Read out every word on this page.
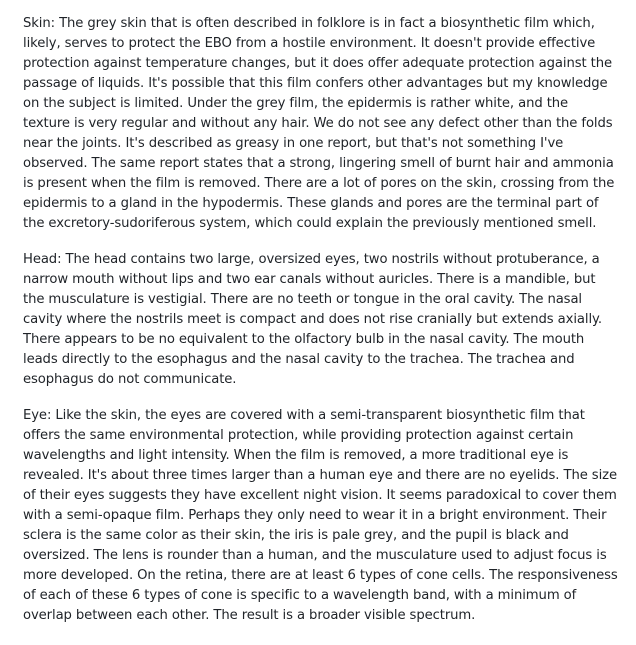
Skin: The grey skin that is often described in folklore is in fact a biosynthetic film which, likely, serves to protect the EBO from a hostile environment. It doesn't provide effective protection against temperature changes, but it does offer adequate protection against the passage of liquids. It's possible that this film confers other advantages but my knowledge on the subject is limited. Under the grey film, the epidermis is rather white, and the texture is very regular and without any hair. We do not see any defect other than the folds near the joints. It's described as greasy in one report, but that's not something I've observed. The same report states that a strong, lingering smell of burnt hair and ammonia is present when the film is removed. There are a lot of pores on the skin, crossing from the epidermis to a gland in the hypodermis. These glands and pores are the terminal part of the excretory-sudoriferous system, which could explain the previously mentioned smell.

Head: The head contains two large, oversized eyes, two nostrils without protuberance, a narrow mouth without lips and two ear canals without auricles. There is a mandible, but the musculature is vestigial. There are no teeth or tongue in the oral cavity. The nasal cavity where the nostrils meet is compact and does not rise cranially but extends axially. There appears to be no equivalent to the olfactory bulb in the nasal cavity. The mouth leads directly to the esophagus and the nasal cavity to the trachea. The trachea and esophagus do not communicate.

Eye: Like the skin, the eyes are covered with a semi-transparent biosynthetic film that offers the same environmental protection, while providing protection against certain wavelengths and light intensity. When the film is removed, a more traditional eye is revealed. It's about three times larger than a human eye and there are no eyelids. The size of their eyes suggests they have excellent night vision. It seems paradoxical to cover them with a semi-opaque film. Perhaps they only need to wear it in a bright environment. Their sclera is the same color as their skin, the iris is pale grey, and the pupil is black and oversized. The lens is rounder than a human, and the musculature used to adjust focus is more developed. On the retina, there are at least 6 types of cone cells. The responsiveness of each of these 6 types of cone is specific to a wavelength band, with a minimum of overlap between each other. The result is a broader visible spectrum.
